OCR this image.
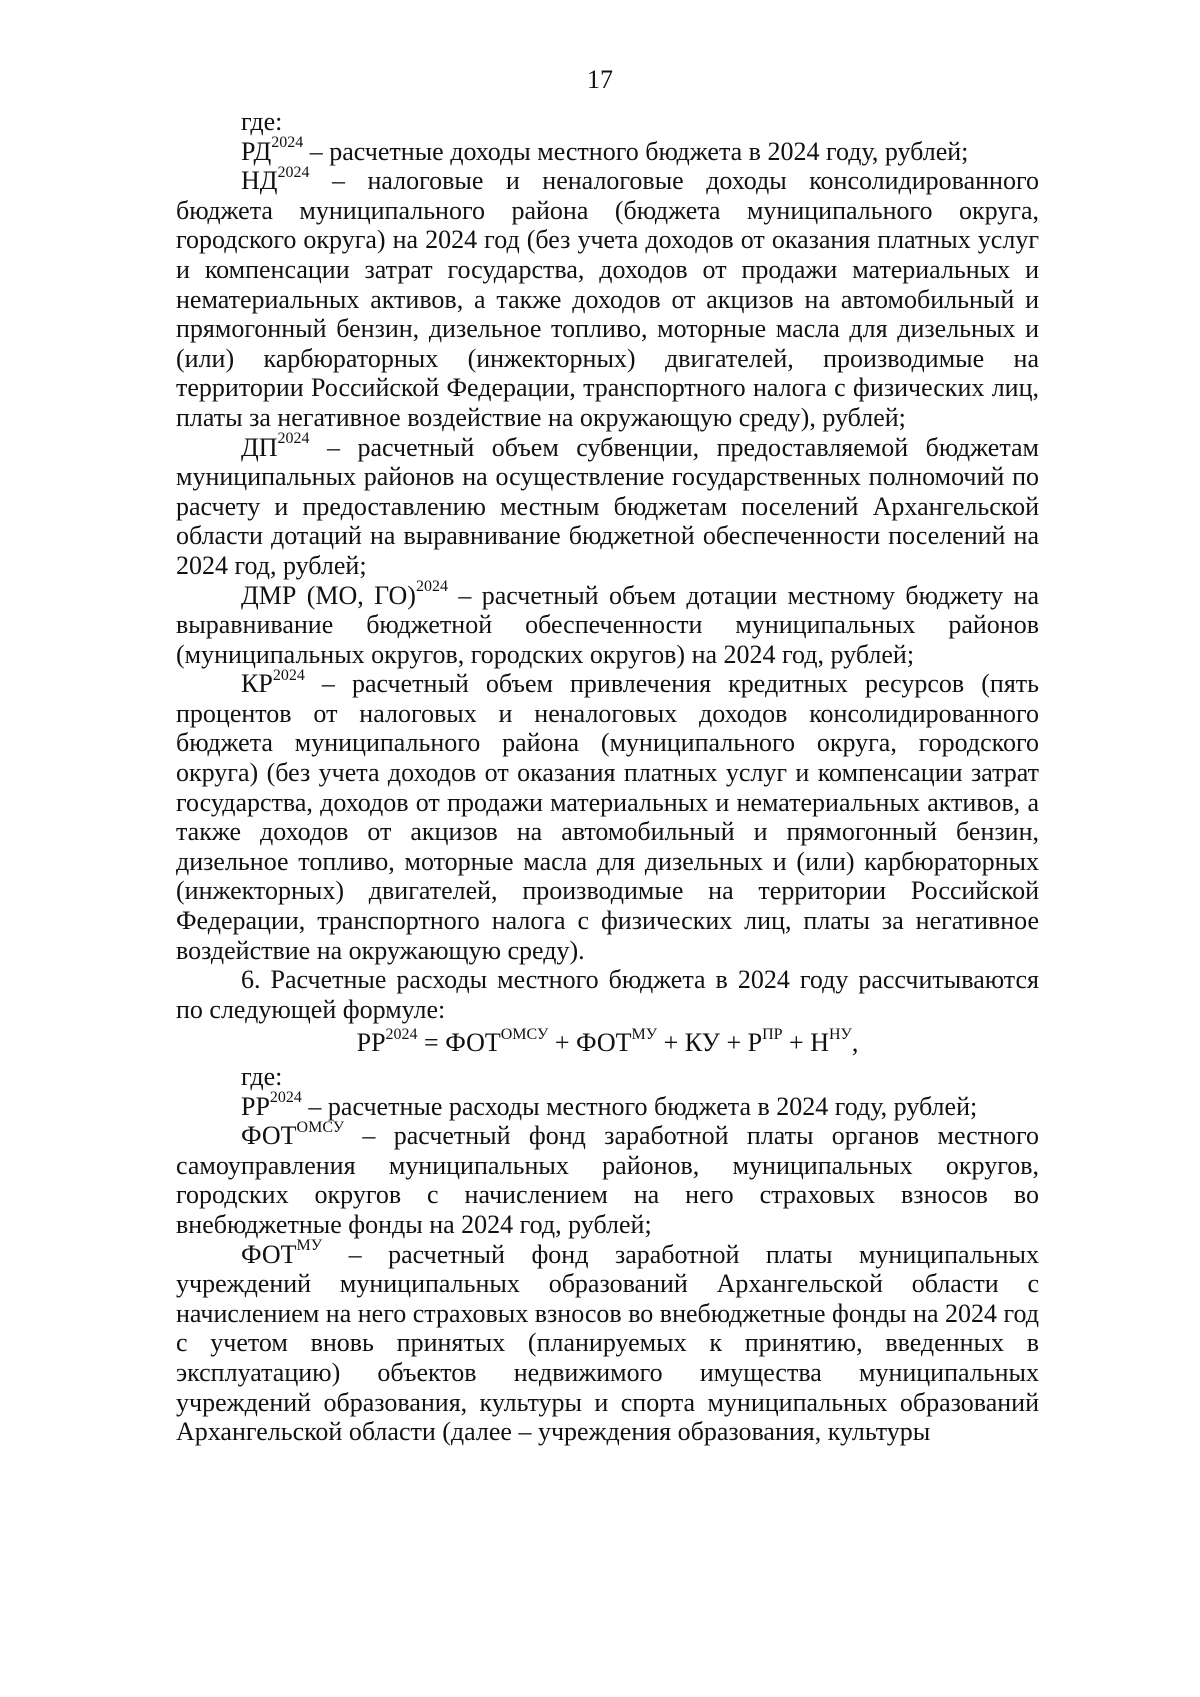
17

где:

$РД^{2024}$ – расчетные доходы местного бюджета в 2024 году, рублей;

$НД^{2024}$ – налоговые и неналоговые доходы консолидированного бюджета муниципального района (бюджета муниципального округа, городского округа) на 2024 год (без учета доходов от оказания платных услуг и компенсации затрат государства, доходов от продажи материальных и нематериальных активов, а также доходов от акцизов на автомобильный и прямогонный бензин, дизельное топливо, моторные масла для дизельных и (или) карбюраторных (инжекторных) двигателей, производимые на территории Российской Федерации, транспортного налога с физических лиц, платы за негативное воздействие на окружающую среду), рублей;

$ДП^{2024}$ – расчетный объем субвенции, предоставляемой бюджетам муниципальных районов на осуществление государственных полномочий по расчету и предоставлению местным бюджетам поселений Архангельской области дотаций на выравнивание бюджетной обеспеченности поселений на 2024 год, рублей;

ДМР (МО, ГО)$^{2024}$ – расчетный объем дотации местному бюджету на выравнивание бюджетной обеспеченности муниципальных районов (муниципальных округов, городских округов) на 2024 год, рублей;

$КР^{2024}$ – расчетный объем привлечения кредитных ресурсов (пять процентов от налоговых и неналоговых доходов консолидированного бюджета муниципального района (муниципального округа, городского округа) (без учета доходов от оказания платных услуг и компенсации затрат государства, доходов от продажи материальных и нематериальных активов, а также доходов от акцизов на автомобильный и прямогонный бензин, дизельное топливо, моторные масла для дизельных и (или) карбюраторных (инжекторных) двигателей, производимые на территории Российской Федерации, транспортного налога с физических лиц, платы за негативное воздействие на окружающую среду).

6. Расчетные расходы местного бюджета в 2024 году рассчитываются по следующей формуле:

$РР^{2024} = ФОТ^{ОМСУ} + ФОТ^{МУ}$ + КУ + $Р^{ПР} + Н^{НУ}$,

где:

$РР^{2024}$ – расчетные расходы местного бюджета в 2024 году, рублей;

$ФОТ^{ОМСУ}$ – расчетный фонд заработной платы органов местного самоуправления муниципальных районов, муниципальных округов, городских округов с начислением на него страховых взносов во внебюджетные фонды на 2024 год, рублей;

$ФОТ^{МУ}$ – расчетный фонд заработной платы муниципальных учреждений муниципальных образований Архангельской области с начислением на него страховых взносов во внебюджетные фонды на 2024 год с учетом вновь принятых (планируемых к принятию, введенных в эксплуатацию) объектов недвижимого имущества муниципальных учреждений образования, культуры и спорта муниципальных образований Архангельской области (далее – учреждения образования, культуры
